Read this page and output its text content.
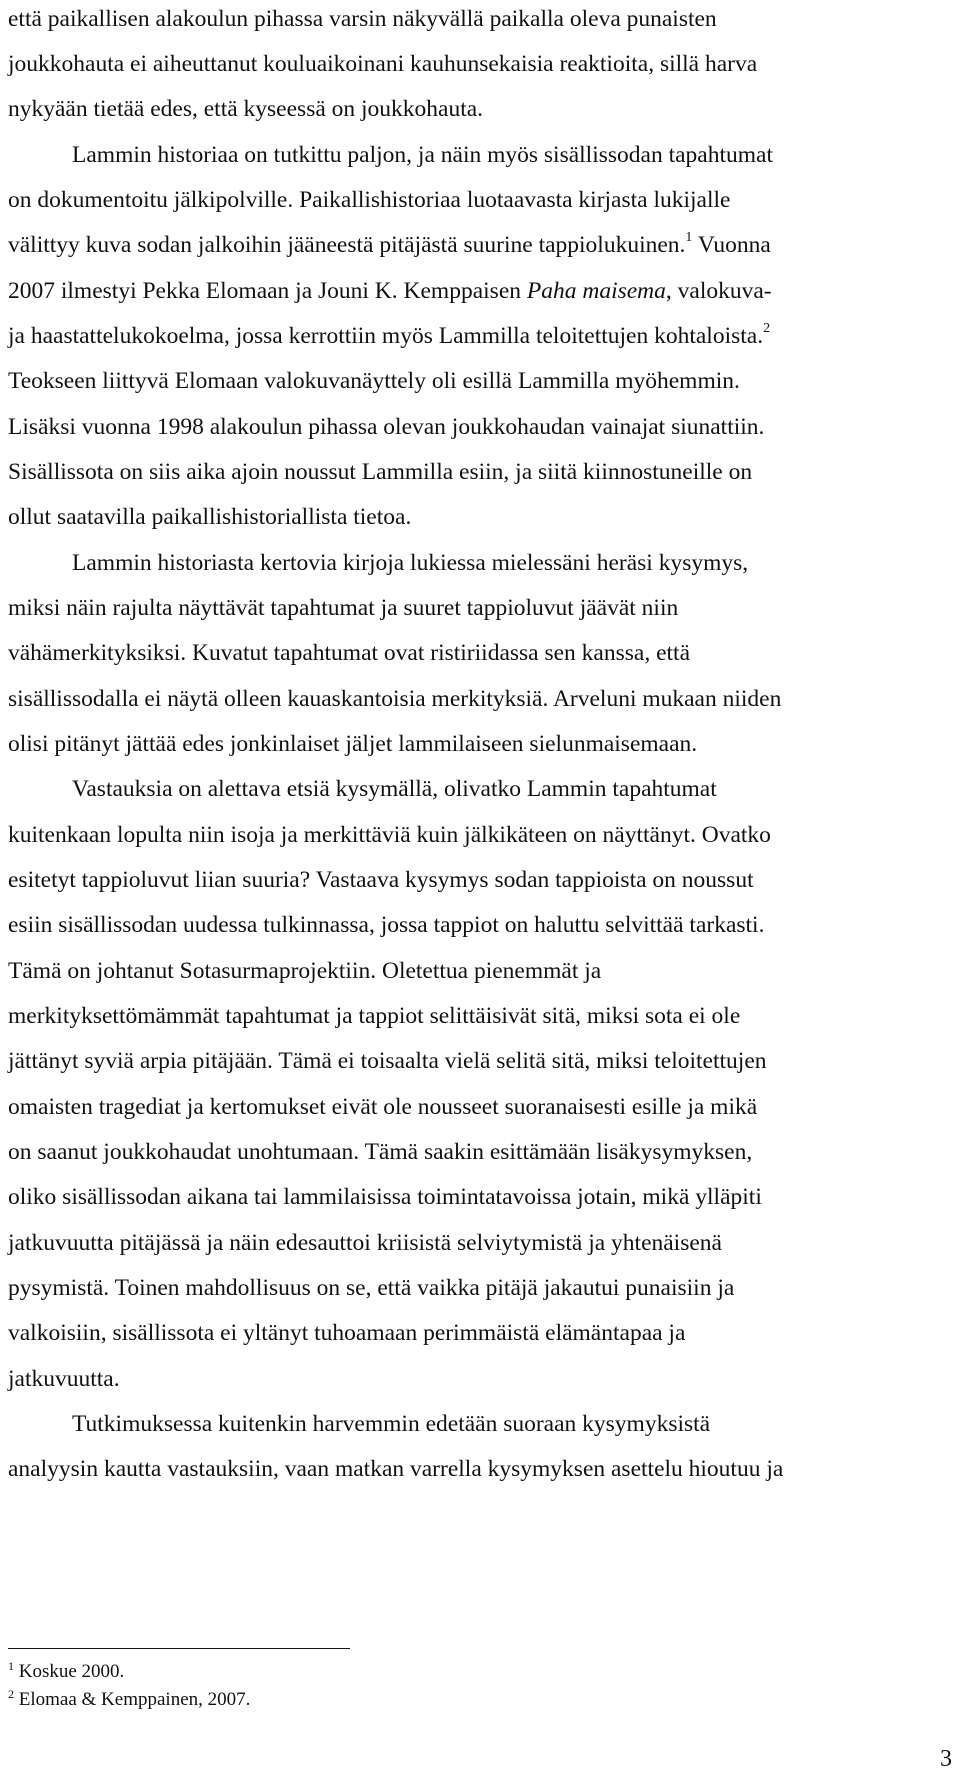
että paikallisen alakoulun pihassa varsin näkyvällä paikalla oleva punaisten
joukkohauta ei aiheuttanut kouluaikoinani kauhunsekaisia reaktioita, sillä harva
nykyään tietää edes, että kyseessä on joukkohauta.
Lammin historiaa on tutkittu paljon, ja näin myös sisällissodan tapahtumat
on dokumentoitu jälkipolville. Paikallishistoriaa luotaavasta kirjasta lukijalle
välittyy kuva sodan jalkoihin jääneestä pitäjästä suurine tappiolukuinen.$^1$ Vuonna
2007 ilmestyi Pekka Elomaan ja Jouni K. Kemppaisen Paha maisema, valokuva-
ja haastattelukokoelma, jossa kerrottiin myös Lammilla teloitettujen kohtaloista.$^2$
Teokseen liittyvä Elomaan valokuvanäyttely oli esillä Lammilla myöhemmin.
Lisäksi vuonna 1998 alakoulun pihassa olevan joukkohaudan vainajat siunattiin.
Sisällissota on siis aika ajoin noussut Lammilla esiin, ja siitä kiinnostuneille on
ollut saatavilla paikallishistoriallista tietoa.
Lammin historiasta kertovia kirjoja lukiessa mielessäni heräsi kysymys,
miksi näin rajulta näyttävät tapahtumat ja suuret tappioluvut jäävät niin
vähämerkityksiksi. Kuvatut tapahtumat ovat ristiriidassa sen kanssa, että
sisällissodalla ei näytä olleen kauaskantoisia merkityksiä. Arveluni mukaan niiden
olisi pitänyt jättää edes jonkinlaiset jäljet lammilaiseen sielunmaisemaan.
Vastauksia on alettava etsiä kysymällä, olivatko Lammin tapahtumat
kuitenkaan lopulta niin isoja ja merkittäviä kuin jälkikäteen on näyttänyt. Ovatko
esitetyt tappioluvut liian suuria? Vastaava kysymys sodan tappioista on noussut
esiin sisällissodan uudessa tulkinnassa, jossa tappiot on haluttu selvittää tarkasti.
Tämä on johtanut Sotasurmaprojektiin. Oletettua pienemmät ja
merkityksettömämmät tapahtumat ja tappiot selittäisivät sitä, miksi sota ei ole
jättänyt syviä arpia pitäjään. Tämä ei toisaalta vielä selitä sitä, miksi teloitettujen
omaisten tragediat ja kertomukset eivät ole nousseet suoranaisesti esille ja mikä
on saanut joukkohaudat unohtumaan. Tämä saakin esittämään lisäkysymyksen,
oliko sisällissodan aikana tai lammilaisissa toimintatavoissa jotain, mikä ylläpiti
jatkuvuutta pitäjässä ja näin edesauttoi kriisistä selviytymistä ja yhtenäisenä
pysymistä. Toinen mahdollisuus on se, että vaikka pitäjä jakautui punaisiin ja
valkoisiin, sisällissota ei yltänyt tuhoamaan perimmäistä elämäntapaa ja
jatkuvuutta.
Tutkimuksessa kuitenkin harvemmin edetään suoraan kysymyksistä
analyysin kautta vastauksiin, vaan matkan varrella kysymyksen asettelu hioutuu ja
$^1$ Koskue 2000.
$^2$ Elomaa & Kemppainen, 2007.
3
